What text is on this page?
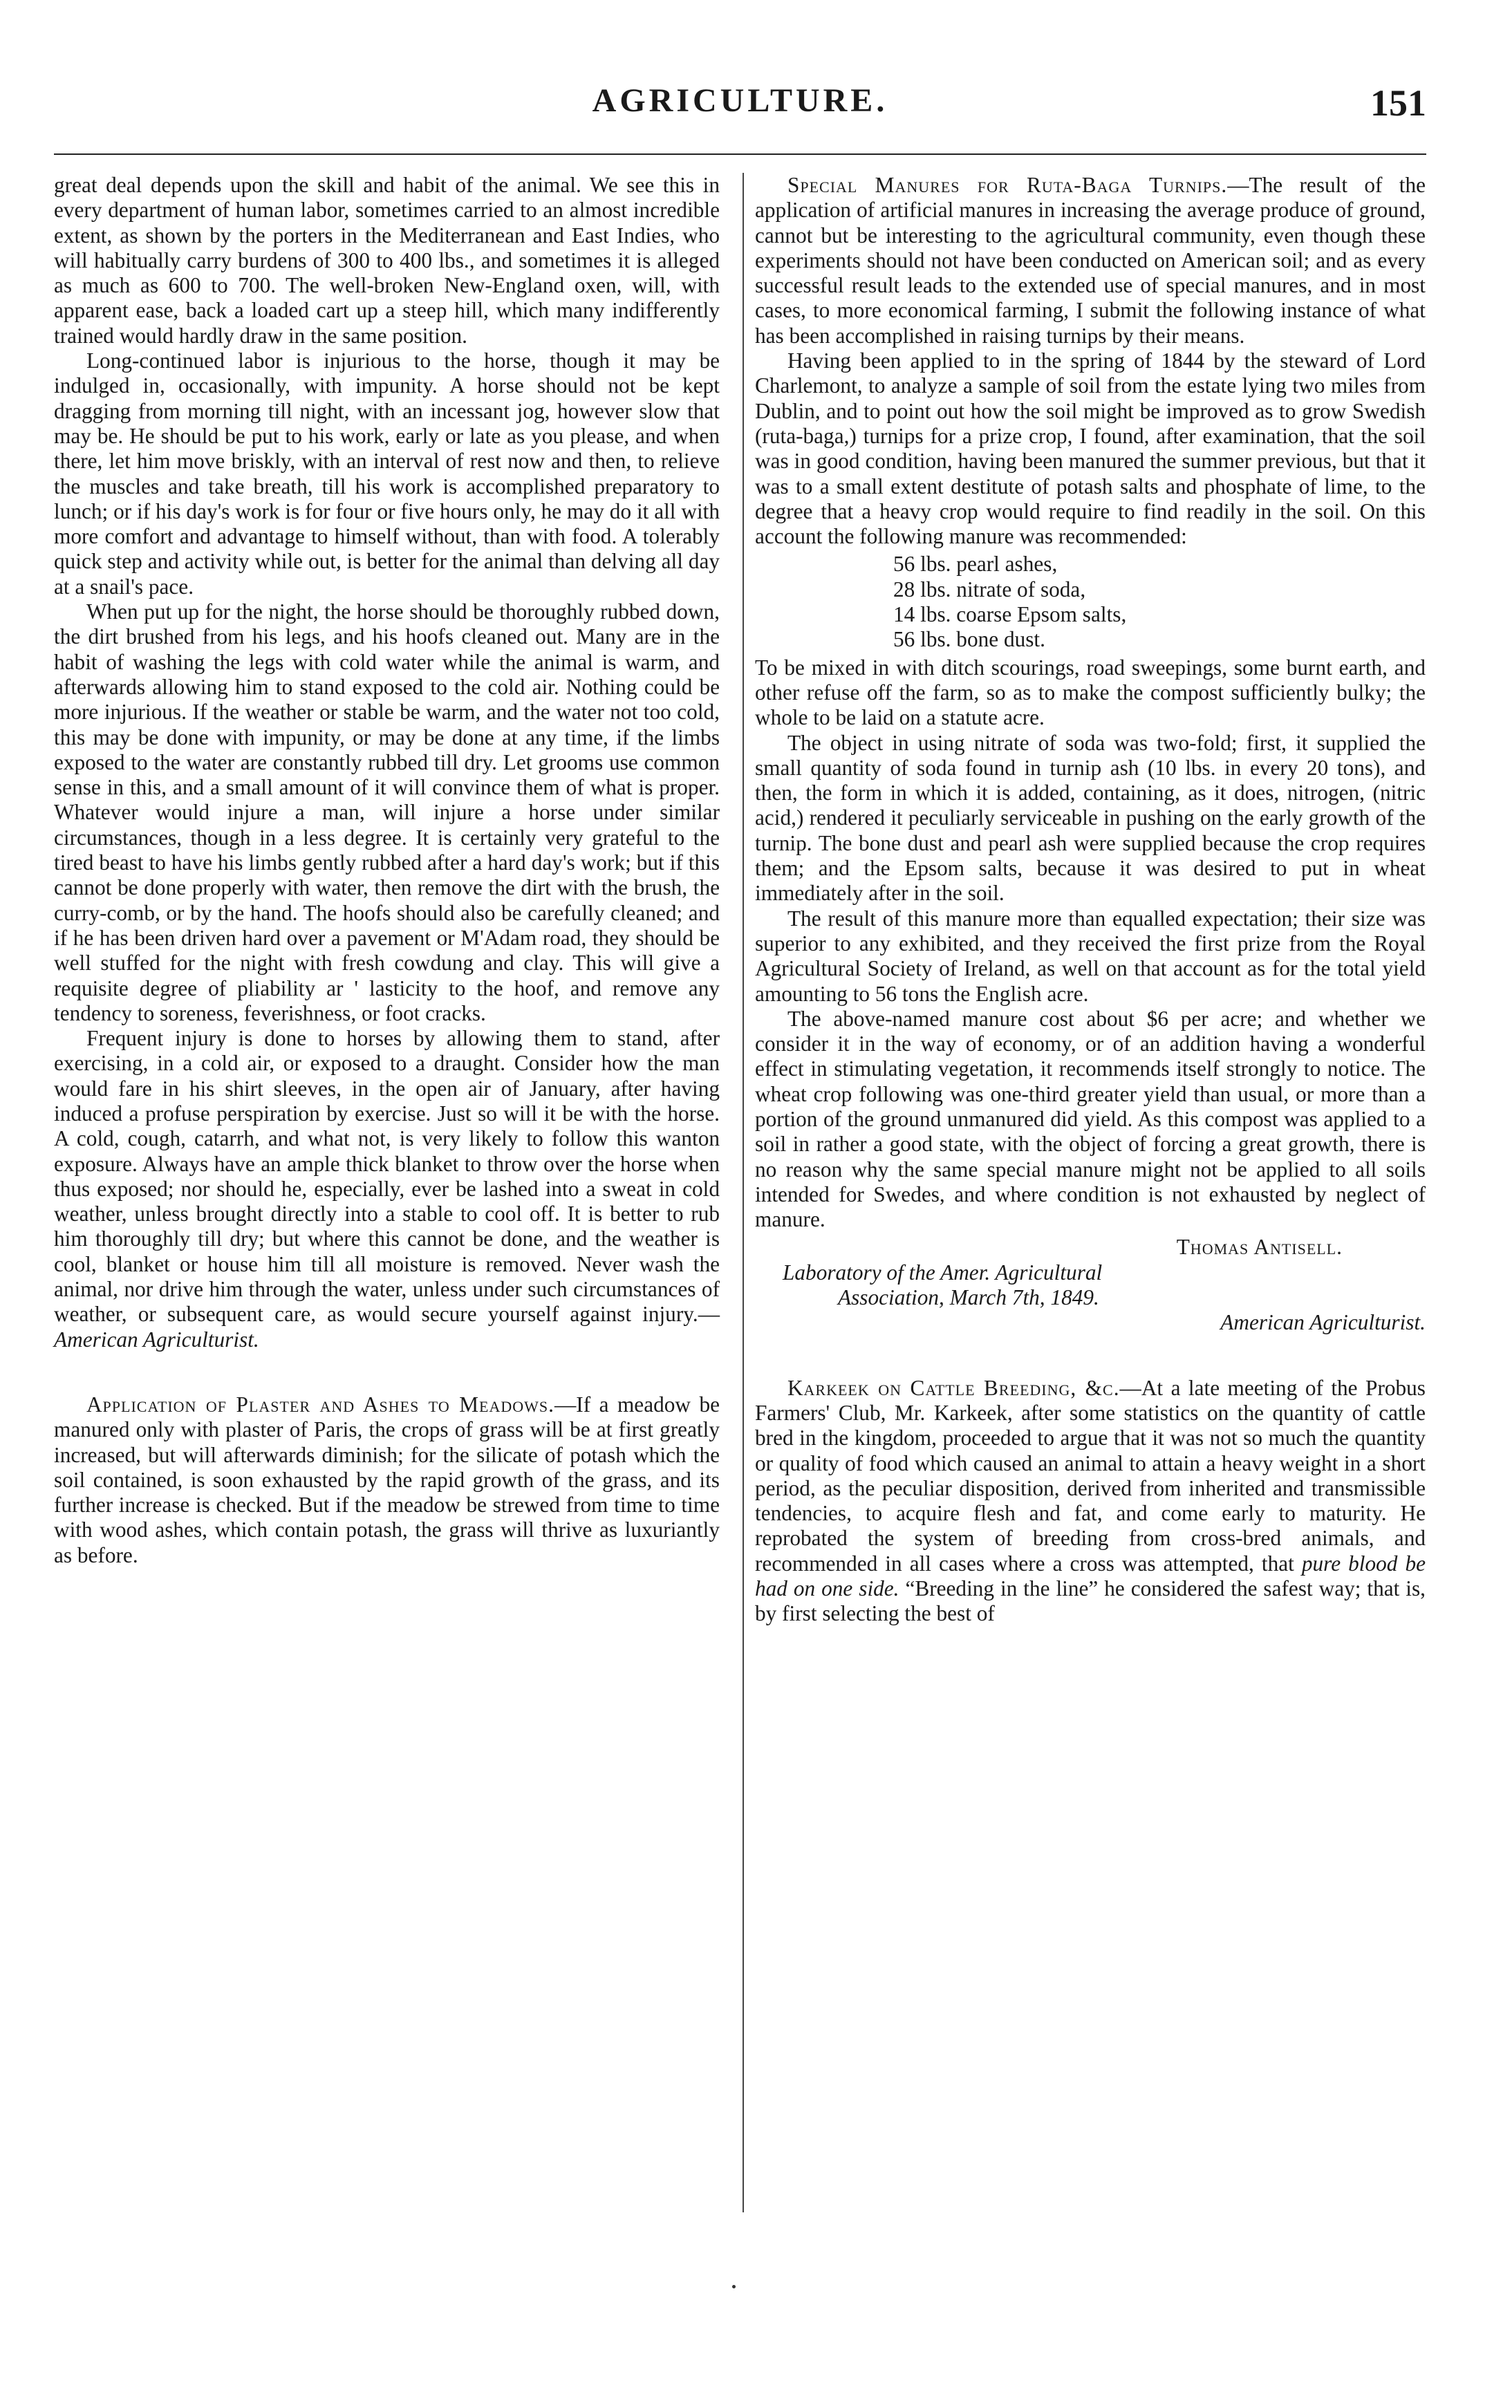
AGRICULTURE.	151

great deal depends upon the skill and habit of the animal. We see this in every department of human labor, sometimes carried to an almost incredible extent, as shown by the porters in the Mediterranean and East Indies, who will habitually carry burdens of 300 to 400 lbs., and sometimes it is alleged as much as 600 to 700. The well-broken New-England oxen, will, with apparent ease, back a loaded cart up a steep hill, which many indifferently trained would hardly draw in the same position.

Long-continued labor is injurious to the horse, though it may be indulged in, occasionally, with impunity. A horse should not be kept dragging from morning till night, with an incessant jog, however slow that may be. He should be put to his work, early or late as you please, and when there, let him move briskly, with an interval of rest now and then, to relieve the muscles and take breath, till his work is accomplished preparatory to lunch; or if his day's work is for four or five hours only, he may do it all with more comfort and advantage to himself without, than with food. A tolerably quick step and activity while out, is better for the animal than delving all day at a snail's pace.

When put up for the night, the horse should be thoroughly rubbed down, the dirt brushed from his legs, and his hoofs cleaned out. Many are in the habit of washing the legs with cold water while the animal is warm, and afterwards allowing him to stand exposed to the cold air. Nothing could be more injurious. If the weather or stable be warm, and the water not too cold, this may be done with impunity, or may be done at any time, if the limbs exposed to the water are constantly rubbed till dry. Let grooms use common sense in this, and a small amount of it will convince them of what is proper. Whatever would injure a man, will injure a horse under similar circumstances, though in a less degree. It is certainly very grateful to the tired beast to have his limbs gently rubbed after a hard day's work; but if this cannot be done properly with water, then remove the dirt with the brush, the curry-comb, or by the hand. The hoofs should also be carefully cleaned; and if he has been driven hard over a pavement or M'Adam road, they should be well stuffed for the night with fresh cowdung and clay. This will give a requisite degree of pliability ar ' lasticity to the hoof, and remove any tendency to soreness, feverishness, or foot cracks.

Frequent injury is done to horses by allowing them to stand, after exercising, in a cold air, or exposed to a draught. Consider how the man would fare in his shirt sleeves, in the open air of January, after having induced a profuse perspiration by exercise. Just so will it be with the horse. A cold, cough, catarrh, and what not, is very likely to follow this wanton exposure. Always have an ample thick blanket to throw over the horse when thus exposed; nor should he, especially, ever be lashed into a sweat in cold weather, unless brought directly into a stable to cool off. It is better to rub him thoroughly till dry; but where this cannot be done, and the weather is cool, blanket or house him till all moisture is removed. Never wash the animal, nor drive him through the water, unless under such circumstances of weather, or subsequent care, as would secure yourself against injury.—American Agriculturist.

Application of Plaster and Ashes to Meadows.—If a meadow be manured only with plaster of Paris, the crops of grass will be at first greatly increased, but will afterwards diminish; for the silicate of potash which the soil contained, is soon exhausted by the rapid growth of the grass, and its further increase is checked. But if the meadow be strewed from time to time with wood ashes, which contain potash, the grass will thrive as luxuriantly as before.

Special Manures for Ruta-Baga Turnips.—The result of the application of artificial manures in increasing the average produce of ground, cannot but be interesting to the agricultural community, even though these experiments should not have been conducted on American soil; and as every successful result leads to the extended use of special manures, and in most cases, to more economical farming, I submit the following instance of what has been accomplished in raising turnips by their means.

Having been applied to in the spring of 1844 by the steward of Lord Charlemont, to analyze a sample of soil from the estate lying two miles from Dublin, and to point out how the soil might be improved as to grow Swedish (ruta-baga,) turnips for a prize crop, I found, after examination, that the soil was in good condition, having been manured the summer previous, but that it was to a small extent destitute of potash salts and phosphate of lime, to the degree that a heavy crop would require to find readily in the soil. On this account the following manure was recommended:

56 lbs. pearl ashes,
28 lbs. nitrate of soda,
14 lbs. coarse Epsom salts,
56 lbs. bone dust.

To be mixed in with ditch scourings, road sweepings, some burnt earth, and other refuse off the farm, so as to make the compost sufficiently bulky; the whole to be laid on a statute acre.

The object in using nitrate of soda was two-fold; first, it supplied the small quantity of soda found in turnip ash (10 lbs. in every 20 tons), and then, the form in which it is added, containing, as it does, nitrogen, (nitric acid,) rendered it peculiarly serviceable in pushing on the early growth of the turnip. The bone dust and pearl ash were supplied because the crop requires them; and the Epsom salts, because it was desired to put in wheat immediately after in the soil.

The result of this manure more than equalled expectation; their size was superior to any exhibited, and they received the first prize from the Royal Agricultural Society of Ireland, as well on that account as for the total yield amounting to 56 tons the English acre.

The above-named manure cost about $6 per acre; and whether we consider it in the way of economy, or of an addition having a wonderful effect in stimulating vegetation, it recommends itself strongly to notice. The wheat crop following was one-third greater yield than usual, or more than a portion of the ground unmanured did yield. As this compost was applied to a soil in rather a good state, with the object of forcing a great growth, there is no reason why the same special manure might not be applied to all soils intended for Swedes, and where condition is not exhausted by neglect of manure.

Thomas Antisell.
Laboratory of the Amer. Agricultural
Association, March 7th, 1849.
American Agriculturist.

Karkeek on Cattle Breeding, &c.—At a late meeting of the Probus Farmers' Club, Mr. Karkeek, after some statistics on the quantity of cattle bred in the kingdom, proceeded to argue that it was not so much the quantity or quality of food which caused an animal to attain a heavy weight in a short period, as the peculiar disposition, derived from inherited and transmissible tendencies, to acquire flesh and fat, and come early to maturity. He reprobated the system of breeding from cross-bred animals, and recommended in all cases where a cross was attempted, that pure blood be had on one side. “Breeding in the line” he considered the safest way; that is, by first selecting the best of
